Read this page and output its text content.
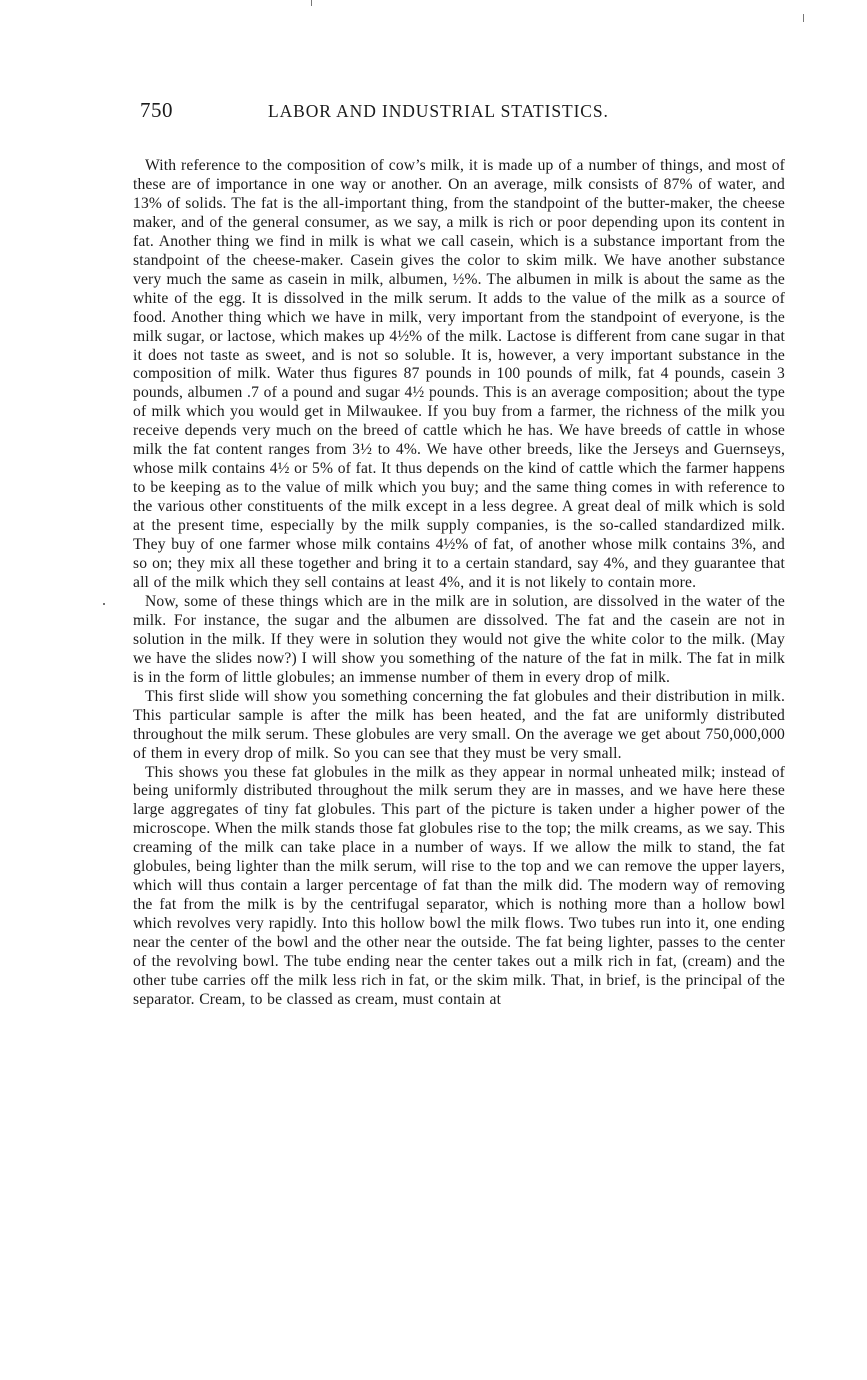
750	LABOR AND INDUSTRIAL STATISTICS.

With reference to the composition of cow’s milk, it is made up of a number of things, and most of these are of importance in one way or another. On an average, milk consists of 87% of water, and 13% of solids. The fat is the all-important thing, from the standpoint of the butter-maker, the cheese maker, and of the general consumer, as we say, a milk is rich or poor depending upon its content in fat. Another thing we find in milk is what we call casein, which is a substance important from the standpoint of the cheese-maker. Casein gives the color to skim milk. We have another substance very much the same as casein in milk, albumen, ½%. The albumen in milk is about the same as the white of the egg. It is dissolved in the milk serum. It adds to the value of the milk as a source of food. Another thing which we have in milk, very important from the standpoint of everyone, is the milk sugar, or lactose, which makes up 4½% of the milk. Lactose is different from cane sugar in that it does not taste as sweet, and is not so soluble. It is, however, a very important substance in the composition of milk. Water thus figures 87 pounds in 100 pounds of milk, fat 4 pounds, casein 3 pounds, albumen .7 of a pound and sugar 4½ pounds. This is an average composition; about the type of milk which you would get in Milwaukee. If you buy from a farmer, the richness of the milk you receive depends very much on the breed of cattle which he has. We have breeds of cattle in whose milk the fat content ranges from 3½ to 4%. We have other breeds, like the Jerseys and Guernseys, whose milk contains 4½ or 5% of fat. It thus depends on the kind of cattle which the farmer happens to be keeping as to the value of milk which you buy; and the same thing comes in with reference to the various other constituents of the milk except in a less degree. A great deal of milk which is sold at the present time, especially by the milk supply companies, is the so-called standardized milk. They buy of one farmer whose milk contains 4½% of fat, of another whose milk contains 3%, and so on; they mix all these together and bring it to a certain standard, say 4%, and they guarantee that all of the milk which they sell contains at least 4%, and it is not likely to contain more.

Now, some of these things which are in the milk are in solution, are dissolved in the water of the milk. For instance, the sugar and the albumen are dissolved. The fat and the casein are not in solution in the milk. If they were in solution they would not give the white color to the milk. (May we have the slides now?) I will show you something of the nature of the fat in milk. The fat in milk is in the form of little globules; an immense number of them in every drop of milk.

This first slide will show you something concerning the fat globules and their distribution in milk. This particular sample is after the milk has been heated, and the fat are uniformly distributed throughout the milk serum. These globules are very small. On the average we get about 750,000,000 of them in every drop of milk. So you can see that they must be very small.

This shows you these fat globules in the milk as they appear in normal unheated milk; instead of being uniformly distributed throughout the milk serum they are in masses, and we have here these large aggregates of tiny fat globules. This part of the picture is taken under a higher power of the microscope. When the milk stands those fat globules rise to the top; the milk creams, as we say. This creaming of the milk can take place in a number of ways. If we allow the milk to stand, the fat globules, being lighter than the milk serum, will rise to the top and we can remove the upper layers, which will thus contain a larger percentage of fat than the milk did. The modern way of removing the fat from the milk is by the centrifugal separator, which is nothing more than a hollow bowl which revolves very rapidly. Into this hollow bowl the milk flows. Two tubes run into it, one ending near the center of the bowl and the other near the outside. The fat being lighter, passes to the center of the revolving bowl. The tube ending near the center takes out a milk rich in fat, (cream) and the other tube carries off the milk less rich in fat, or the skim milk. That, in brief, is the principal of the separator. Cream, to be classed as cream, must contain at
